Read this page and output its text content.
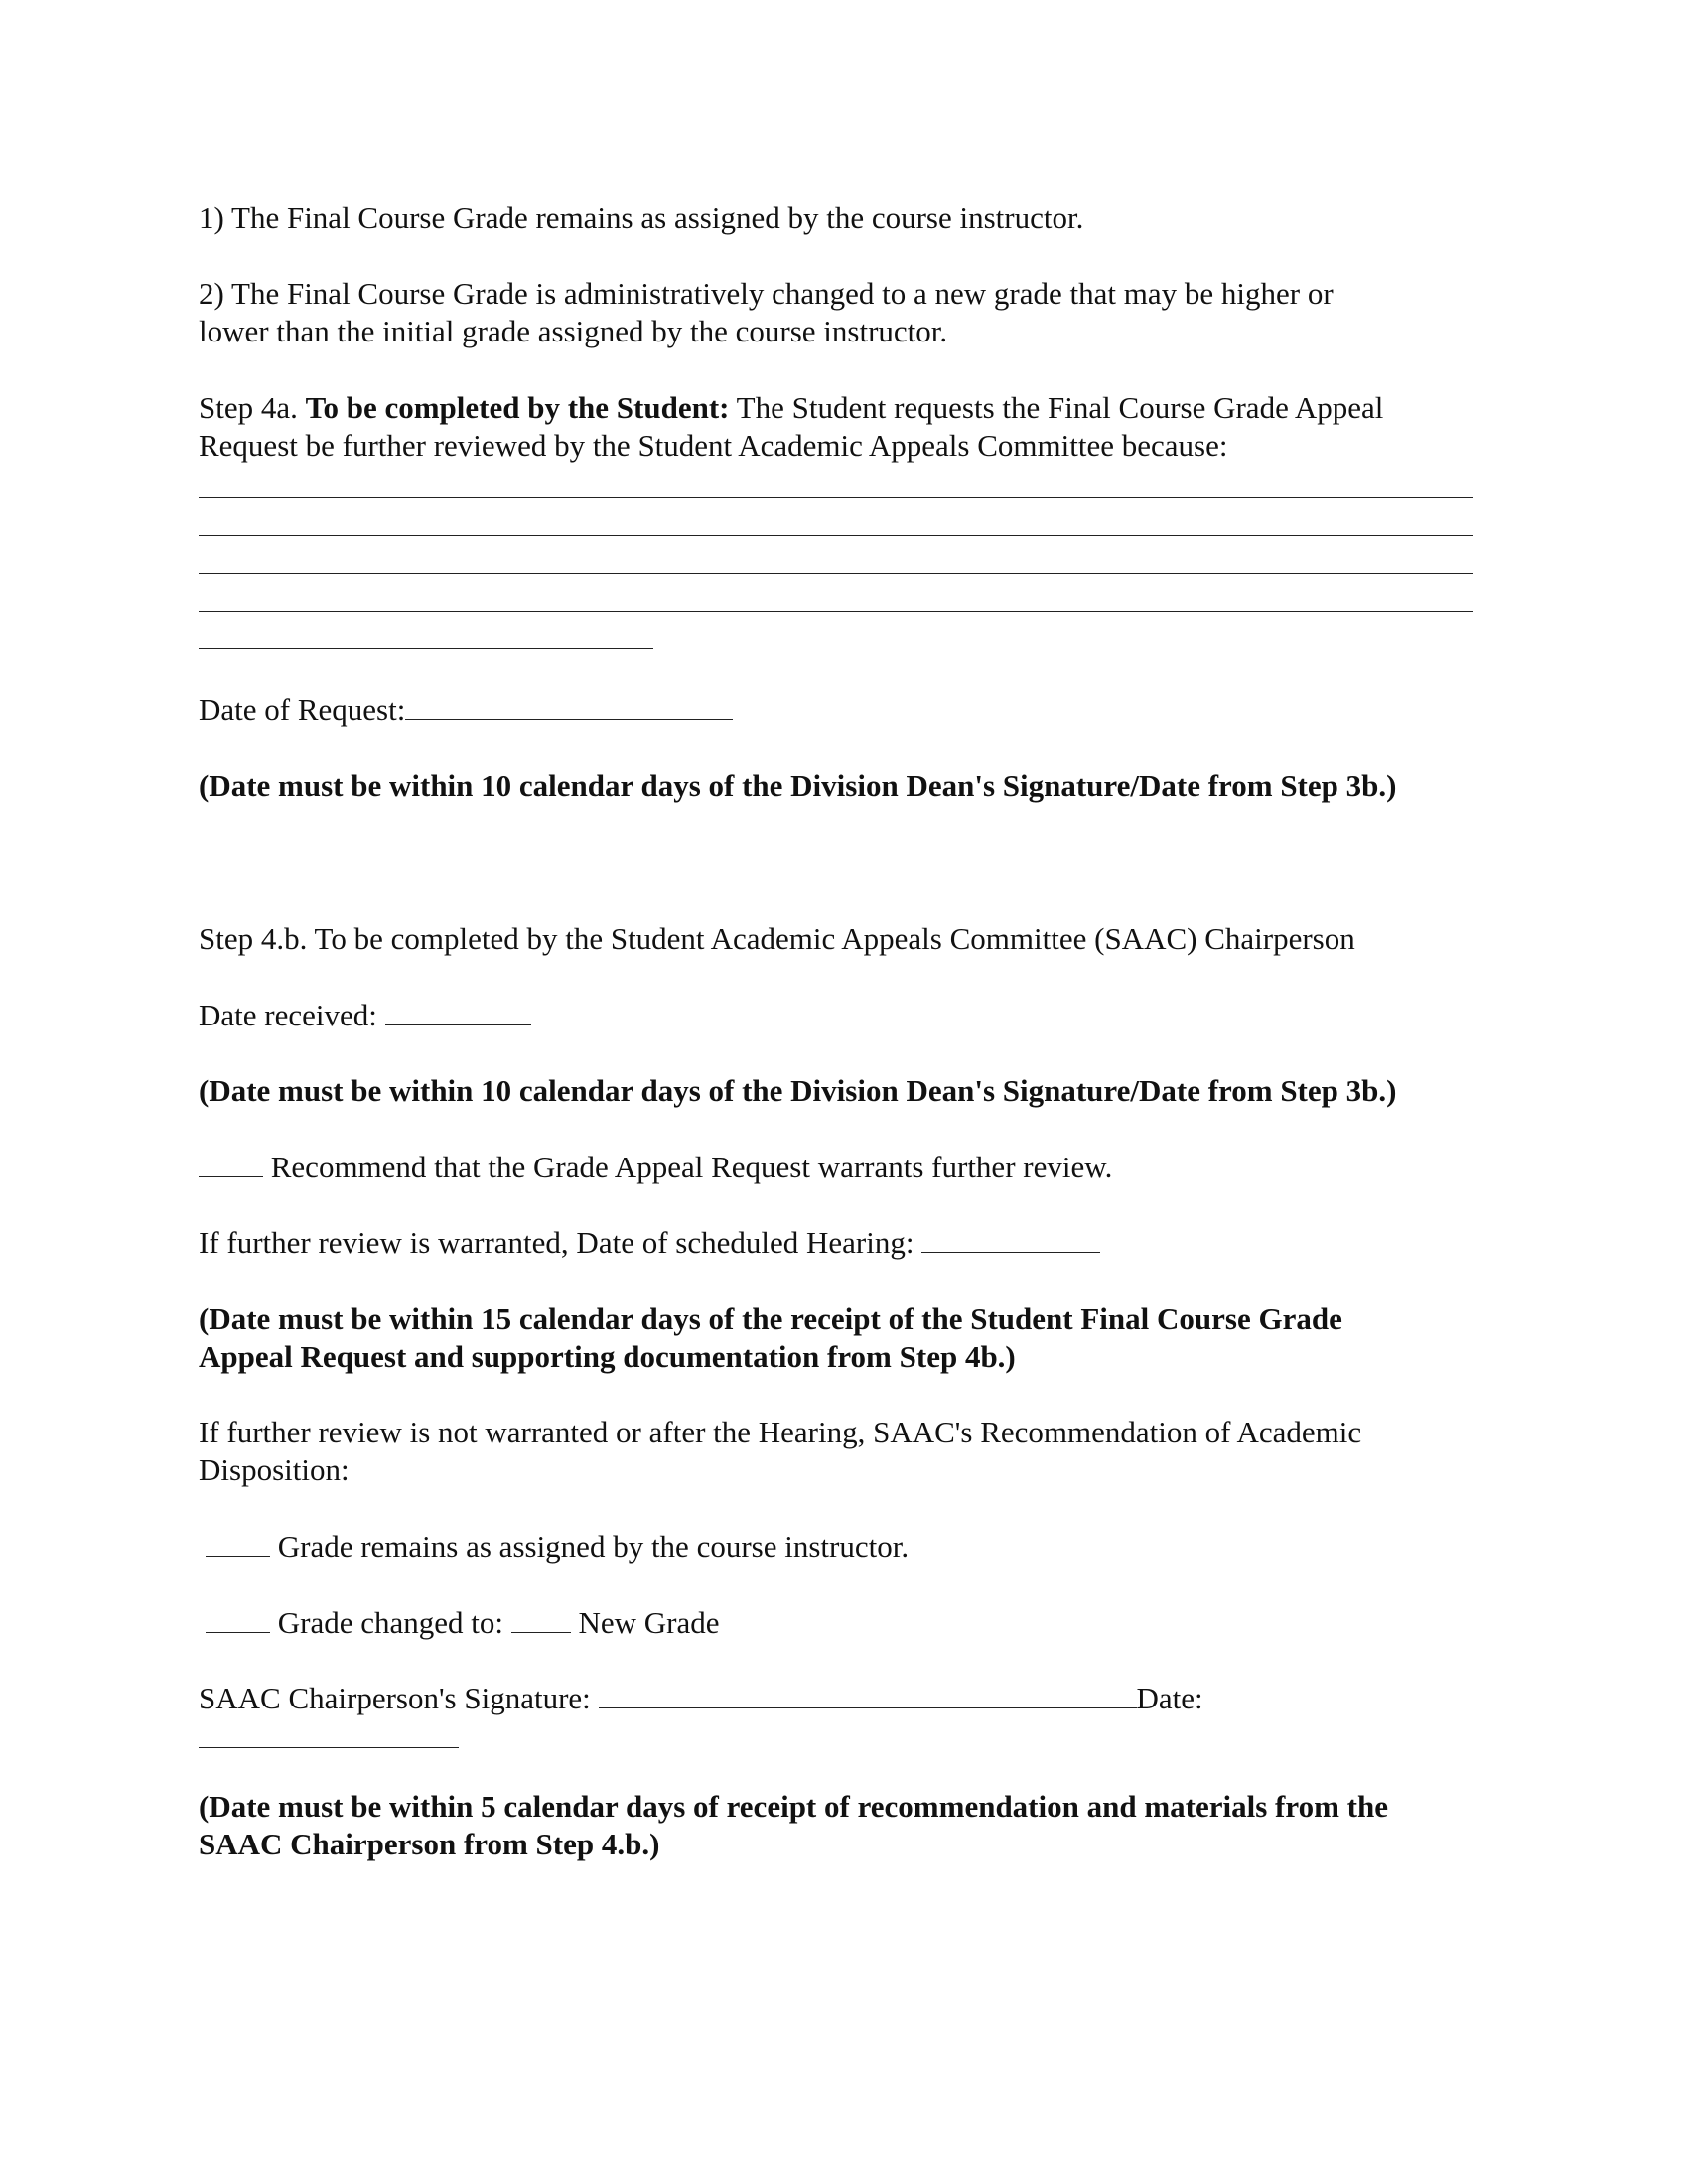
1) The Final Course Grade remains as assigned by the course instructor.
2) The Final Course Grade is administratively changed to a new grade that may be higher or
lower than the initial grade assigned by the course instructor.
Step 4a. To be completed by the Student: The Student requests the Final Course Grade Appeal
Request be further reviewed by the Student Academic Appeals Committee because:
Date of Request:
(Date must be within 10 calendar days of the Division Dean's Signature/Date from Step 3b.)
Step 4.b. To be completed by the Student Academic Appeals Committee (SAAC) Chairperson
Date received:
(Date must be within 10 calendar days of the Division Dean's Signature/Date from Step 3b.)
Recommend that the Grade Appeal Request warrants further review.
If further review is warranted, Date of scheduled Hearing:
(Date must be within 15 calendar days of the receipt of the Student Final Course Grade
Appeal Request and supporting documentation from Step 4b.)
If further review is not warranted or after the Hearing, SAAC's Recommendation of Academic
Disposition:
Grade remains as assigned by the course instructor.
Grade changed to:  New Grade
SAAC Chairperson's Signature:	Date:
(Date must be within 5 calendar days of receipt of recommendation and materials from the
SAAC Chairperson from Step 4.b.)
